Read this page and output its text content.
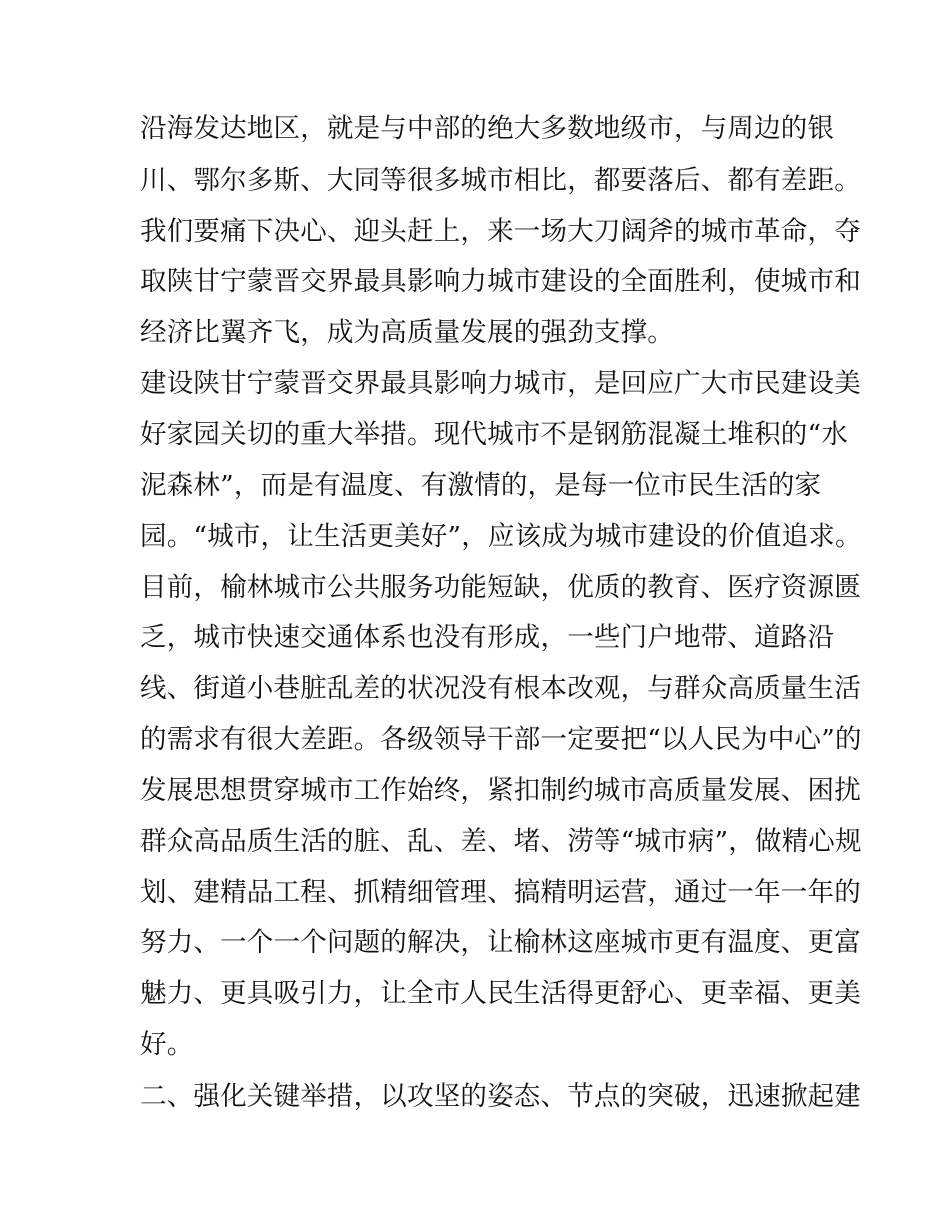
沿海发达地区，就是与中部的绝大多数地级市，与周边的银
川、鄂尔多斯、大同等很多城市相比，都要落后、都有差距。
我们要痛下决心、迎头赶上，来一场大刀阔斧的城市革命，夺
取陕甘宁蒙晋交界最具影响力城市建设的全面胜利，使城市和
经济比翼齐飞，成为高质量发展的强劲支撑。
建设陕甘宁蒙晋交界最具影响力城市，是回应广大市民建设美
好家园关切的重大举措。现代城市不是钢筋混凝土堆积的“水
泥森林”，而是有温度、有激情的，是每一位市民生活的家
园。“城市，让生活更美好”，应该成为城市建设的价值追求。
目前，榆林城市公共服务功能短缺，优质的教育、医疗资源匮
乏，城市快速交通体系也没有形成，一些门户地带、道路沿
线、街道小巷脏乱差的状况没有根本改观，与群众高质量生活
的需求有很大差距。各级领导干部一定要把“以人民为中心”的
发展思想贯穿城市工作始终，紧扣制约城市高质量发展、困扰
群众高品质生活的脏、乱、差、堵、涝等“城市病”，做精心规
划、建精品工程、抓精细管理、搞精明运营，通过一年一年的
努力、一个一个问题的解决，让榆林这座城市更有温度、更富
魅力、更具吸引力，让全市人民生活得更舒心、更幸福、更美
好。
二、强化关键举措，以攻坚的姿态、节点的突破，迅速掀起建
